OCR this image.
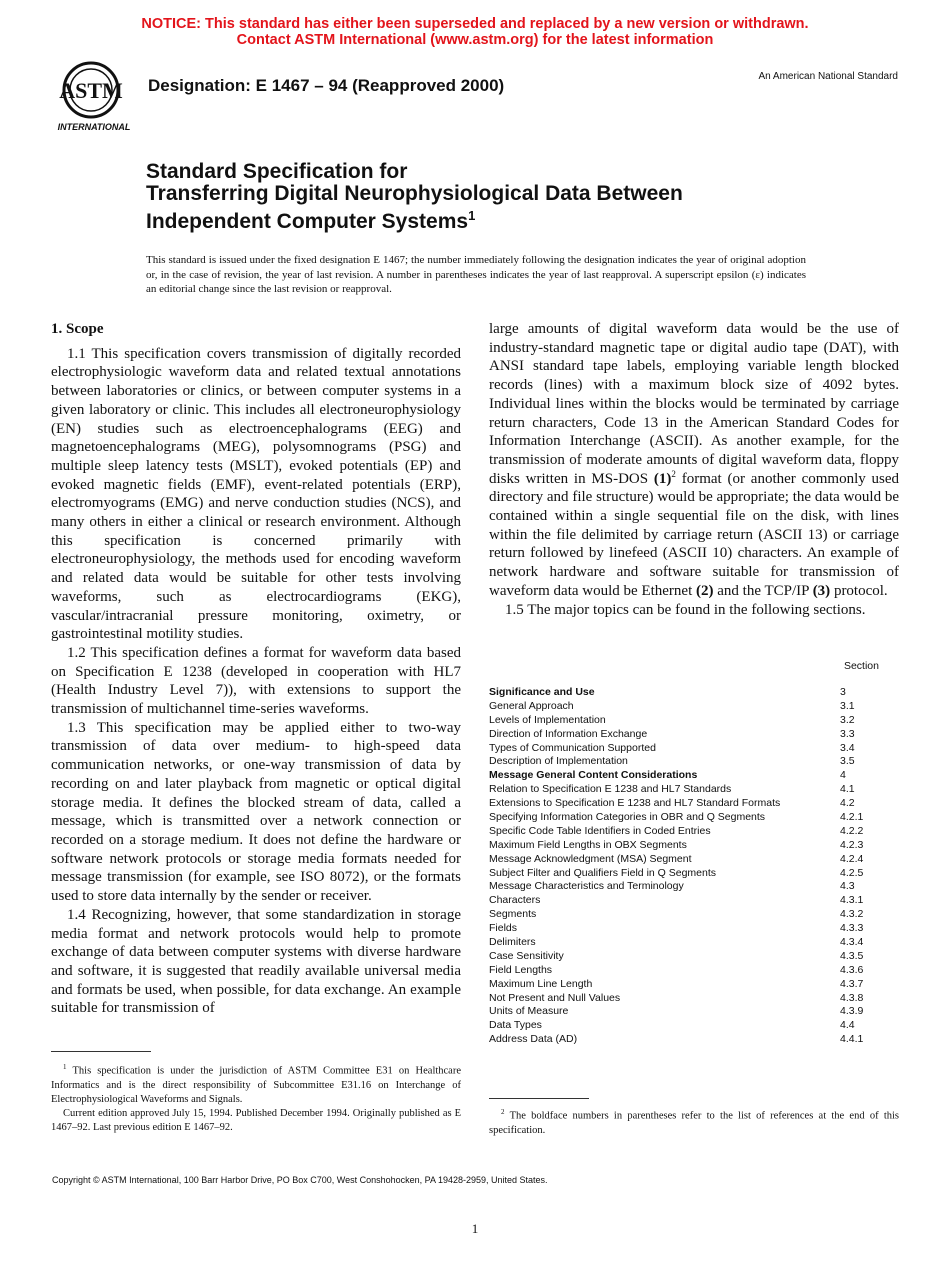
NOTICE: This standard has either been superseded and replaced by a new version or withdrawn.
Contact ASTM International (www.astm.org) for the latest information
ASTM
INTERNATIONAL
Designation: E 1467 – 94 (Reapproved 2000)	An American National Standard
Standard Specification for
Transferring Digital Neurophysiological Data Between
Independent Computer Systems$^1$
This standard is issued under the fixed designation E 1467; the number immediately following the designation indicates the year of original adoption or, in the case of revision, the year of last revision. A number in parentheses indicates the year of last reapproval. A superscript epsilon (ε) indicates an editorial change since the last revision or reapproval.

1. Scope

1.1 This specification covers transmission of digitally recorded electrophysiologic waveform data and related textual annotations between laboratories or clinics, or between computer systems in a given laboratory or clinic. This includes all electroneurophysiology (EN) studies such as electroencephalograms (EEG) and magnetoencephalograms (MEG), polysomnograms (PSG) and multiple sleep latency tests (MSLT), evoked potentials (EP) and evoked magnetic fields (EMF), event-related potentials (ERP), electromyograms (EMG) and nerve conduction studies (NCS), and many others in either a clinical or research environment. Although this specification is concerned primarily with electroneurophysiology, the methods used for encoding waveform and related data would be suitable for other tests involving waveforms, such as electrocardiograms (EKG), vascular/intracranial pressure monitoring, oximetry, or gastrointestinal motility studies.

1.2 This specification defines a format for waveform data based on Specification E 1238 (developed in cooperation with HL7 (Health Industry Level 7)), with extensions to support the transmission of multichannel time-series waveforms.

1.3 This specification may be applied either to two-way transmission of data over medium- to high-speed data communication networks, or one-way transmission of data by recording on and later playback from magnetic or optical digital storage media. It defines the blocked stream of data, called a message, which is transmitted over a network connection or recorded on a storage medium. It does not define the hardware or software network protocols or storage media formats needed for message transmission (for example, see ISO 8072), or the formats used to store data internally by the sender or receiver.

1.4 Recognizing, however, that some standardization in storage media format and network protocols would help to promote exchange of data between computer systems with diverse hardware and software, it is suggested that readily available universal media and formats be used, when possible, for data exchange. An example suitable for transmission of

large amounts of digital waveform data would be the use of industry-standard magnetic tape or digital audio tape (DAT), with ANSI standard tape labels, employing variable length blocked records (lines) with a maximum block size of 4092 bytes. Individual lines within the blocks would be terminated by carriage return characters, Code 13 in the American Standard Codes for Information Interchange (ASCII). As another example, for the transmission of moderate amounts of digital waveform data, floppy disks written in MS-DOS $(1)^2$ format (or another commonly used directory and file structure) would be appropriate; the data would be contained within a single sequential file on the disk, with lines within the file delimited by carriage return (ASCII 13) or carriage return followed by linefeed (ASCII 10) characters. An example of network hardware and software suitable for transmission of waveform data would be Ethernet (2) and the TCP/IP (3) protocol.

1.5 The major topics can be found in the following sections.

Section
Significance and Use	3
General Approach	3.1
Levels of Implementation	3.2
Direction of Information Exchange	3.3
Types of Communication Supported	3.4
Description of Implementation	3.5
Message General Content Considerations	4
Relation to Specification E 1238 and HL7 Standards	4.1
Extensions to Specification E 1238 and HL7 Standard Formats	4.2
Specifying Information Categories in OBR and Q Segments	4.2.1
Specific Code Table Identifiers in Coded Entries	4.2.2
Maximum Field Lengths in OBX Segments	4.2.3
Message Acknowledgment (MSA) Segment	4.2.4
Subject Filter and Qualifiers Field in Q Segments	4.2.5
Message Characteristics and Terminology	4.3
Characters	4.3.1
Segments	4.3.2
Fields	4.3.3
Delimiters	4.3.4
Case Sensitivity	4.3.5
Field Lengths	4.3.6
Maximum Line Length	4.3.7
Not Present and Null Values	4.3.8
Units of Measure	4.3.9
Data Types	4.4
Address Data (AD)	4.4.1

$^1$ This specification is under the jurisdiction of ASTM Committee E31 on Healthcare Informatics and is the direct responsibility of Subcommittee E31.16 on Interchange of Electrophysiological Waveforms and Signals.

Current edition approved July 15, 1994. Published December 1994. Originally published as E 1467–92. Last previous edition E 1467–92.

$^2$ The boldface numbers in parentheses refer to the list of references at the end of this specification.

Copyright © ASTM International, 100 Barr Harbor Drive, PO Box C700, West Conshohocken, PA 19428-2959, United States.
1
